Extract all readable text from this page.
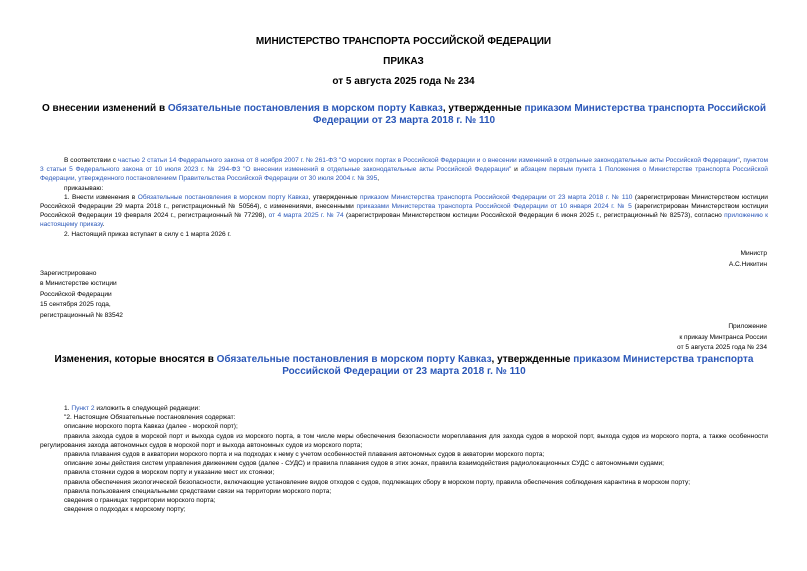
МИНИСТЕРСТВО ТРАНСПОРТА РОССИЙСКОЙ ФЕДЕРАЦИИ
ПРИКАЗ
от 5 августа 2025 года № 234
О внесении изменений в Обязательные постановления в морском порту Кавказ, утвержденные приказом Министерства транспорта Российской Федерации от 23 марта 2018 г. № 110
В соответствии с частью 2 статьи 14 Федерального закона от 8 ноября 2007 г. № 261-ФЗ "О морских портах в Российской Федерации и о внесении изменений в отдельные законодательные акты Российской Федерации", пунктом 3 статьи 5 Федерального закона от 10 июля 2023 г. № 294-ФЗ "О внесении изменений в отдельные законодательные акты Российской Федерации" и абзацем первым пункта 1 Положения о Министерстве транспорта Российской Федерации, утвержденного постановлением Правительства Российской Федерации от 30 июля 2004 г. № 395,
приказываю:
1. Внести изменения в Обязательные постановления в морском порту Кавказ, утвержденные приказом Министерства транспорта Российской Федерации от 23 марта 2018 г. № 110 (зарегистрирован Министерством юстиции Российской Федерации 29 марта 2018 г., регистрационный № 50564), с изменениями, внесенными приказами Министерства транспорта Российской Федерации от 10 января 2024 г. № 5 (зарегистрирован Министерством юстиции Российской Федерации 19 февраля 2024 г., регистрационный № 77298), от 4 марта 2025 г. № 74 (зарегистрирован Министерством юстиции Российской Федерации 6 июня 2025 г., регистрационный № 82573), согласно приложению к настоящему приказу.
2. Настоящий приказ вступает в силу с 1 марта 2026 г.
Министр
А.С.Никитин
Зарегистрировано
в Министерстве юстиции
Российской Федерации
15 сентября 2025 года,
регистрационный № 83542
Приложение
к приказу Минтранса России
от 5 августа 2025 года № 234
Изменения, которые вносятся в Обязательные постановления в морском порту Кавказ, утвержденные приказом Министерства транспорта Российской Федерации от 23 марта 2018 г. № 110
1. Пункт 2 изложить в следующей редакции:
"2. Настоящие Обязательные постановления содержат:
описание морского порта Кавказ (далее - морской порт);
правила захода судов в морской порт и выхода судов из морского порта, в том числе меры обеспечения безопасности мореплавания для захода судов в морской порт, выхода судов из морского порта, а также особенности регулирования захода автономных судов в морской порт и выхода автономных судов из морского порта;
правила плавания судов в акватории морского порта и на подходах к нему с учетом особенностей плавания автономных судов в акватории морского порта;
описание зоны действия систем управления движением судов (далее - СУДС) и правила плавания судов в этих зонах, правила взаимодействия радиолокационных СУДС с автономными судами;
правила стоянки судов в морском порту и указание мест их стоянки;
правила обеспечения экологической безопасности, включающие установление видов отходов с судов, подлежащих сбору в морском порту, правила обеспечения соблюдения карантина в морском порту;
правила пользования специальными средствами связи на территории морского порта;
сведения о границах территории морского порта;
сведения о подходах к морскому порту;
